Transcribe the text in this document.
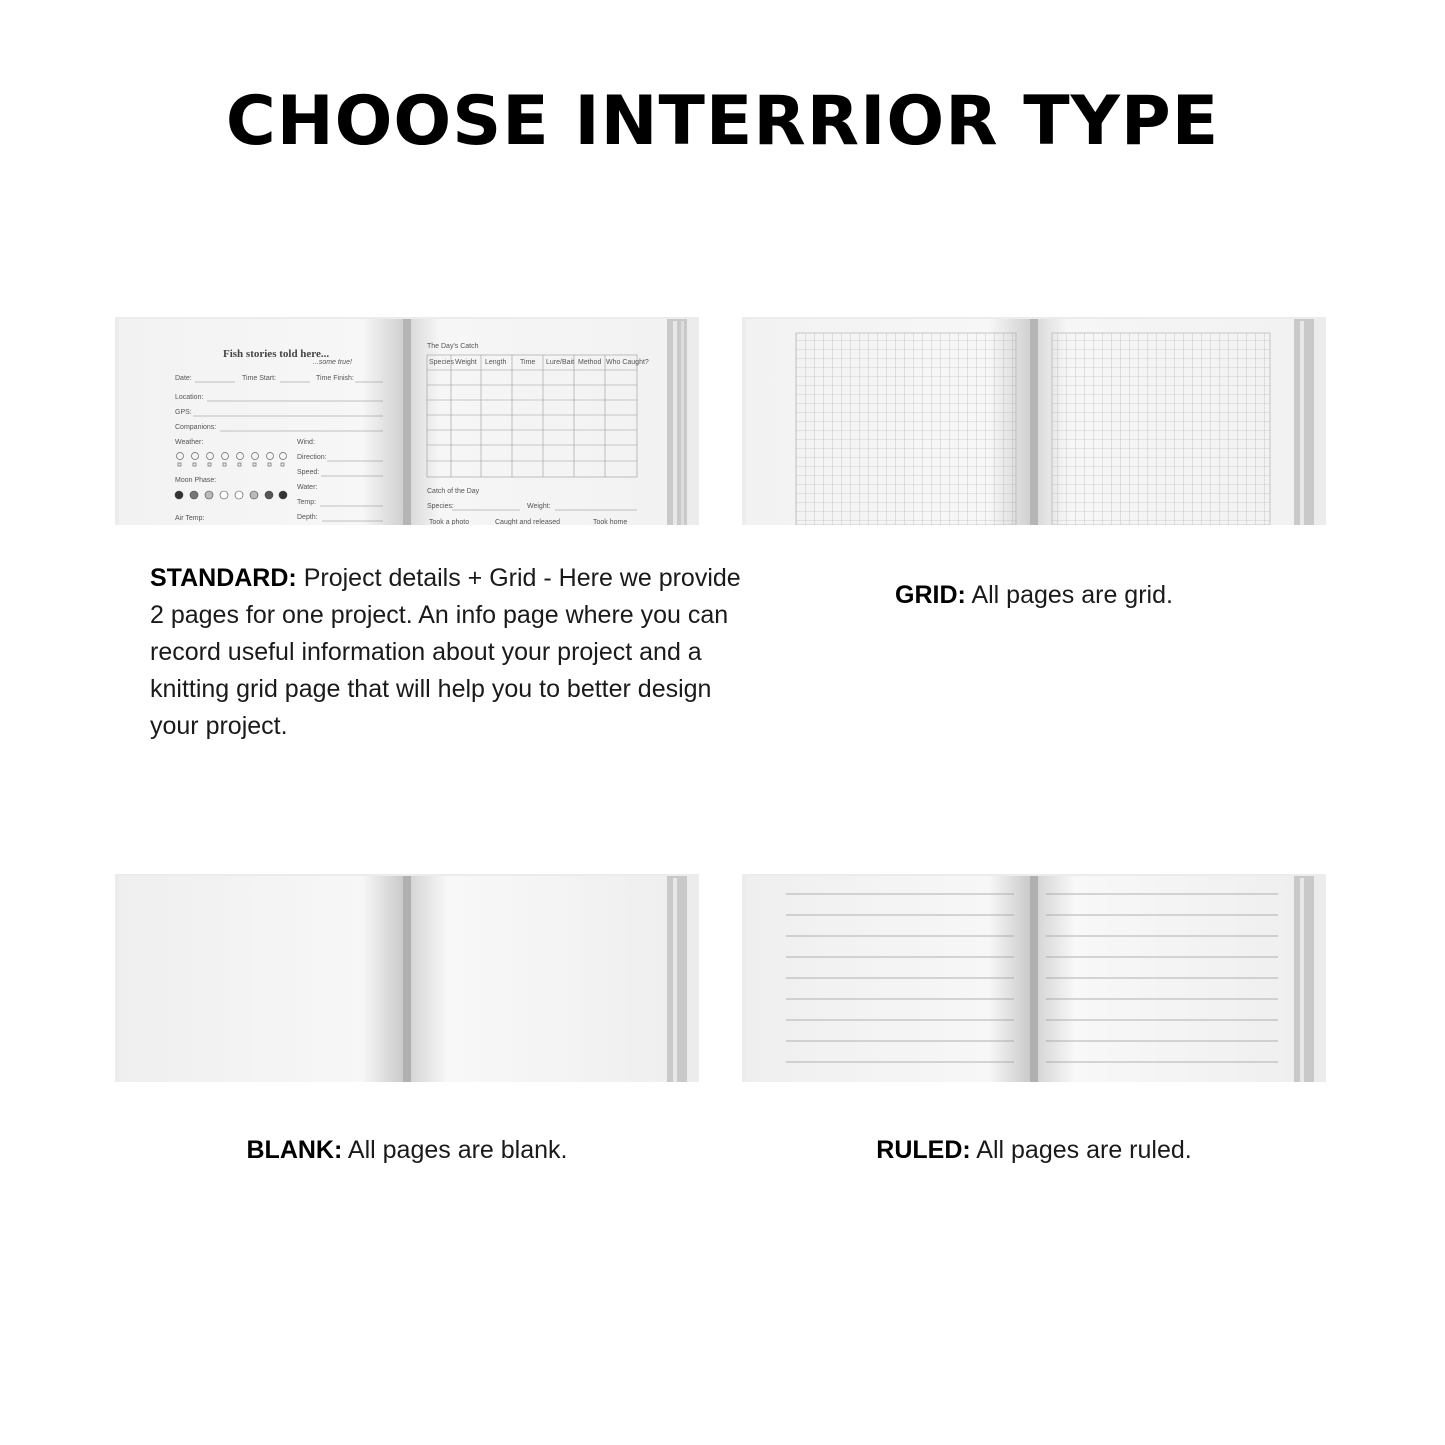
CHOOSE INTERRIOR TYPE
Fish stories told here...
...some true!
Date:	Time Start:	Time Finish:
Location:
GPS:
Companions:
Weather:
Moon Phase:
Air Temp:
Wind:
Direction:
Speed:
Water:
Temp:
Depth:
The Day's Catch
Species Weight Length Time Lure/Bait Method Who Caught?
Catch of the Day
Species:	Weight:
Took a photo	Caught and released	Took home

STANDARD: Project details + Grid - Here we provide 2 pages for one project. An info page where you can record useful information about your project and a knitting grid page that will help you to better design your project.

GRID: All pages are grid.

BLANK: All pages are blank.	RULED: All pages are ruled.
